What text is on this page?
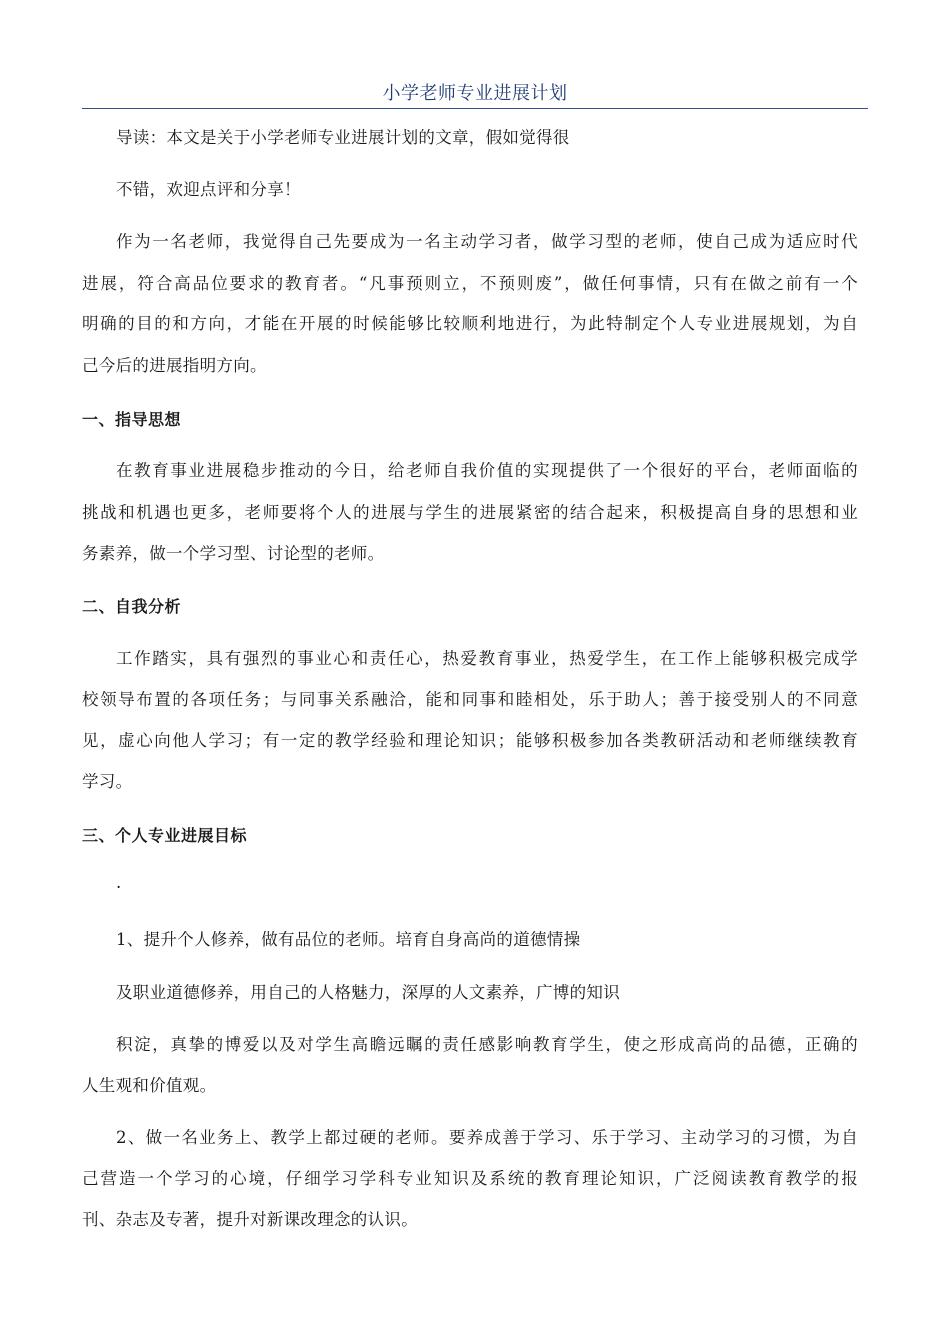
小学老师专业进展计划
导读：本文是关于小学老师专业进展计划的文章，假如觉得很
不错，欢迎点评和分享！
作为一名老师，我觉得自己先要成为一名主动学习者，做学习型的老师，使自己成为适应时代
进展，符合高品位要求的教育者。“凡事预则立，不预则废”，做任何事情，只有在做之前有一个
明确的目的和方向，才能在开展的时候能够比较顺利地进行，为此特制定个人专业进展规划，为自
己今后的进展指明方向。
一、指导思想
在教育事业进展稳步推动的今日，给老师自我价值的实现提供了一个很好的平台，老师面临的
挑战和机遇也更多，老师要将个人的进展与学生的进展紧密的结合起来，积极提高自身的思想和业
务素养，做一个学习型、讨论型的老师。
二、自我分析
工作踏实，具有强烈的事业心和责任心，热爱教育事业，热爱学生，在工作上能够积极完成学
校领导布置的各项任务；与同事关系融洽，能和同事和睦相处，乐于助人；善于接受别人的不同意
见，虚心向他人学习；有一定的教学经验和理论知识；能够积极参加各类教研活动和老师继续教育
学习。
三、个人专业进展目标
·
1、提升个人修养，做有品位的老师。培育自身高尚的道德情操
及职业道德修养，用自己的人格魅力，深厚的人文素养，广博的知识
积淀，真挚的博爱以及对学生高瞻远瞩的责任感影响教育学生，使之形成高尚的品德，正确的
人生观和价值观。
2、做一名业务上、教学上都过硬的老师。要养成善于学习、乐于学习、主动学习的习惯，为自
己营造一个学习的心境，仔细学习学科专业知识及系统的教育理论知识，广泛阅读教育教学的报
刊、杂志及专著，提升对新课改理念的认识。
